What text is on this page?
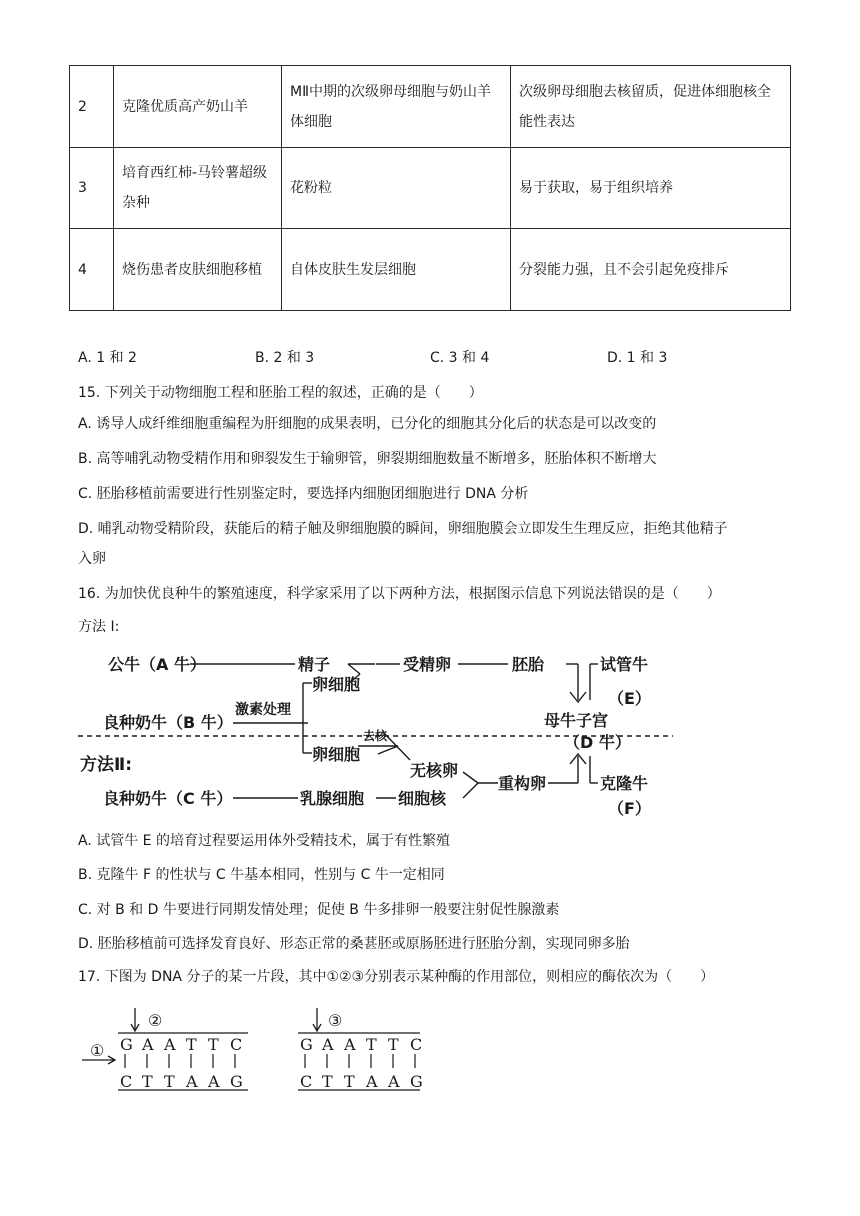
2	克隆优质高产奶山羊	MⅡ中期的次级卵母细胞与奶山羊体细胞	次级卵母细胞去核留质，促进体细胞核全能性表达
3	培育西红柿-马铃薯超级杂种	花粉粒	易于获取，易于组织培养
4	烧伤患者皮肤细胞移植	自体皮肤生发层细胞	分裂能力强，且不会引起免疫排斥
A. 1 和 2	B. 2 和 3	C. 3 和 4	D. 1 和 3
15. 下列关于动物细胞工程和胚胎工程的叙述，正确的是（　　）
A. 诱导人成纤维细胞重编程为肝细胞的成果表明，已分化的细胞其分化后的状态是可以改变的
B. 高等哺乳动物受精作用和卵裂发生于输卵管，卵裂期细胞数量不断增多，胚胎体积不断增大
C. 胚胎移植前需要进行性别鉴定时，要选择内细胞团细胞进行 DNA 分析
D. 哺乳动物受精阶段，获能后的精子触及卵细胞膜的瞬间，卵细胞膜会立即发生生理反应，拒绝其他精子
入卵
16. 为加快优良种牛的繁殖速度，科学家采用了以下两种方法，根据图示信息下列说法错误的是（　　）
方法 I:
公牛（A 牛）	精子	受精卵	胚胎	试管牛
（E）
卵细胞
激素处理
良种奶牛（B 牛）	母牛子宫
（D 牛）
去核
卵细胞
方法Ⅱ:	无核卵
重构卵	克隆牛
（F）
良种奶牛（C 牛）	乳腺细胞 细胞核
A. 试管牛 E 的培育过程要运用体外受精技术，属于有性繁殖
B. 克隆牛 F 的性状与 C 牛基本相同，性别与 C 牛一定相同
C. 对 B 和 D 牛要进行同期发情处理；促使 B 牛多排卵一般要注射促性腺激素
D. 胚胎移植前可选择发育良好、形态正常的桑葚胚或原肠胚进行胚胎分割，实现同卵多胎
17. 下图为 DNA 分子的某一片段，其中①②③分别表示某种酶的作用部位，则相应的酶依次为（　　）
①
②	③
G A A T T C
C T T A A G
G A A T T C
C T T A A G
